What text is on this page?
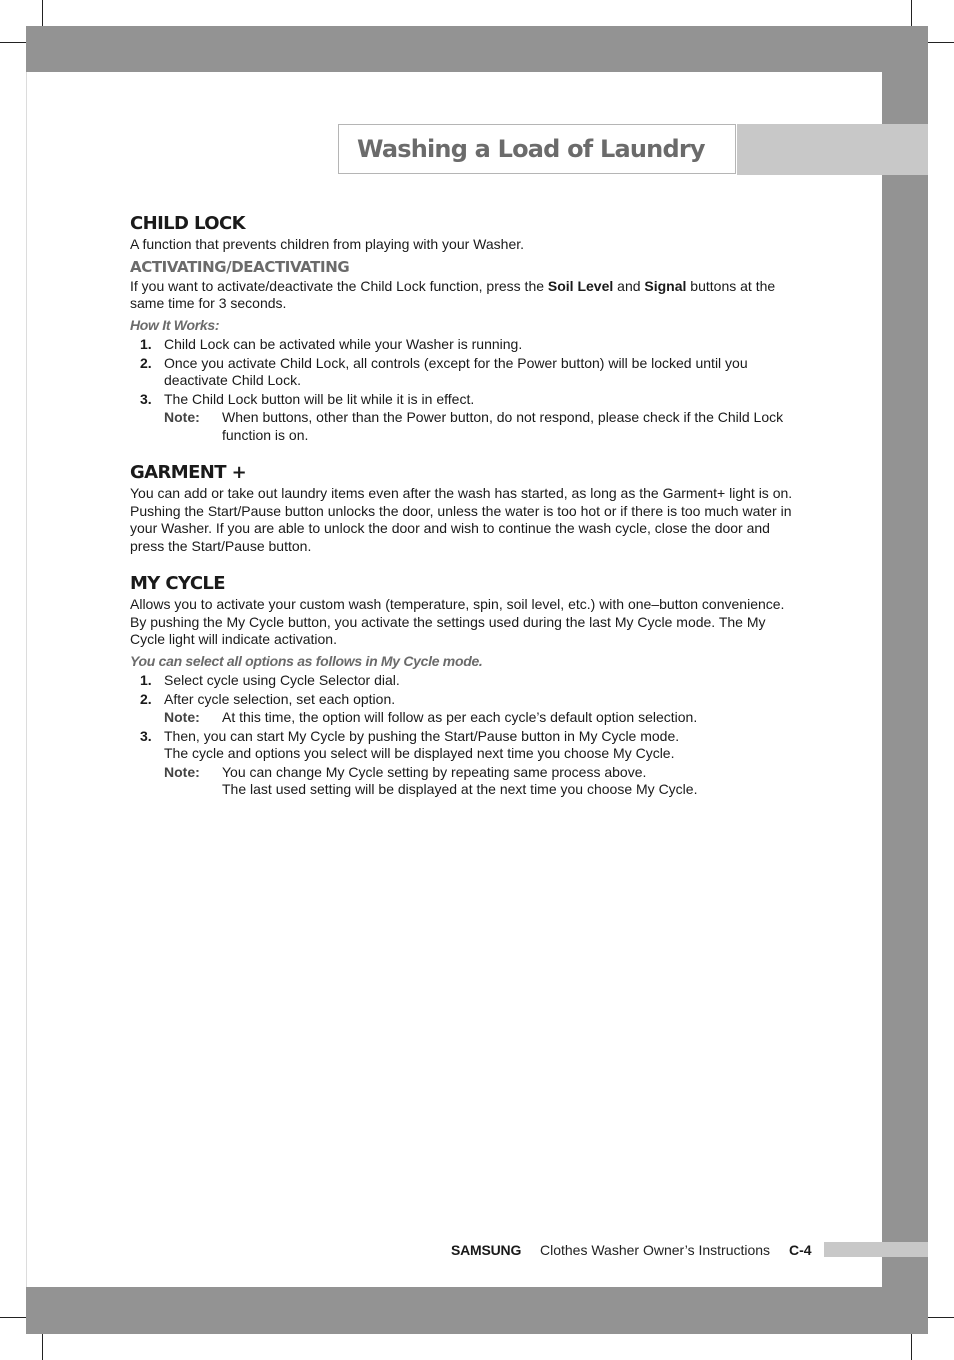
Washing a Load of Laundry
CHILD LOCK

A function that prevents children from playing with your Washer.

ACTIVATING/DEACTIVATING

If you want to activate/deactivate the Child Lock function, press the Soil Level and Signal buttons at the same time for 3 seconds.

How It Works:

1. Child Lock can be activated while your Washer is running.
2. Once you activate Child Lock, all controls (except for the Power button) will be locked until you deactivate Child Lock.
3. The Child Lock button will be lit while it is in effect.
Note: When buttons, other than the Power button, do not respond, please check if the Child Lock function is on.
GARMENT +

You can add or take out laundry items even after the wash has started, as long as the Garment+ light is on. Pushing the Start/Pause button unlocks the door, unless the water is too hot or if there is too much water in your Washer. If you are able to unlock the door and wish to continue the wash cycle, close the door and press the Start/Pause button.

MY CYCLE

Allows you to activate your custom wash (temperature, spin, soil level, etc.) with one–button convenience.

By pushing the My Cycle button, you activate the settings used during the last My Cycle mode. The My Cycle light will indicate activation.

You can select all options as follows in My Cycle mode.

1. Select cycle using Cycle Selector dial.
2. After cycle selection, set each option.
Note: At this time, the option will follow as per each cycle’s default option selection.
3. Then, you can start My Cycle by pushing the Start/Pause button in My Cycle mode.
The cycle and options you select will be displayed next time you choose My Cycle.
Note: You can change My Cycle setting by repeating same process above.
The last used setting will be displayed at the next time you choose My Cycle.
SAMSUNG Clothes Washer Owner’s Instructions C-4
